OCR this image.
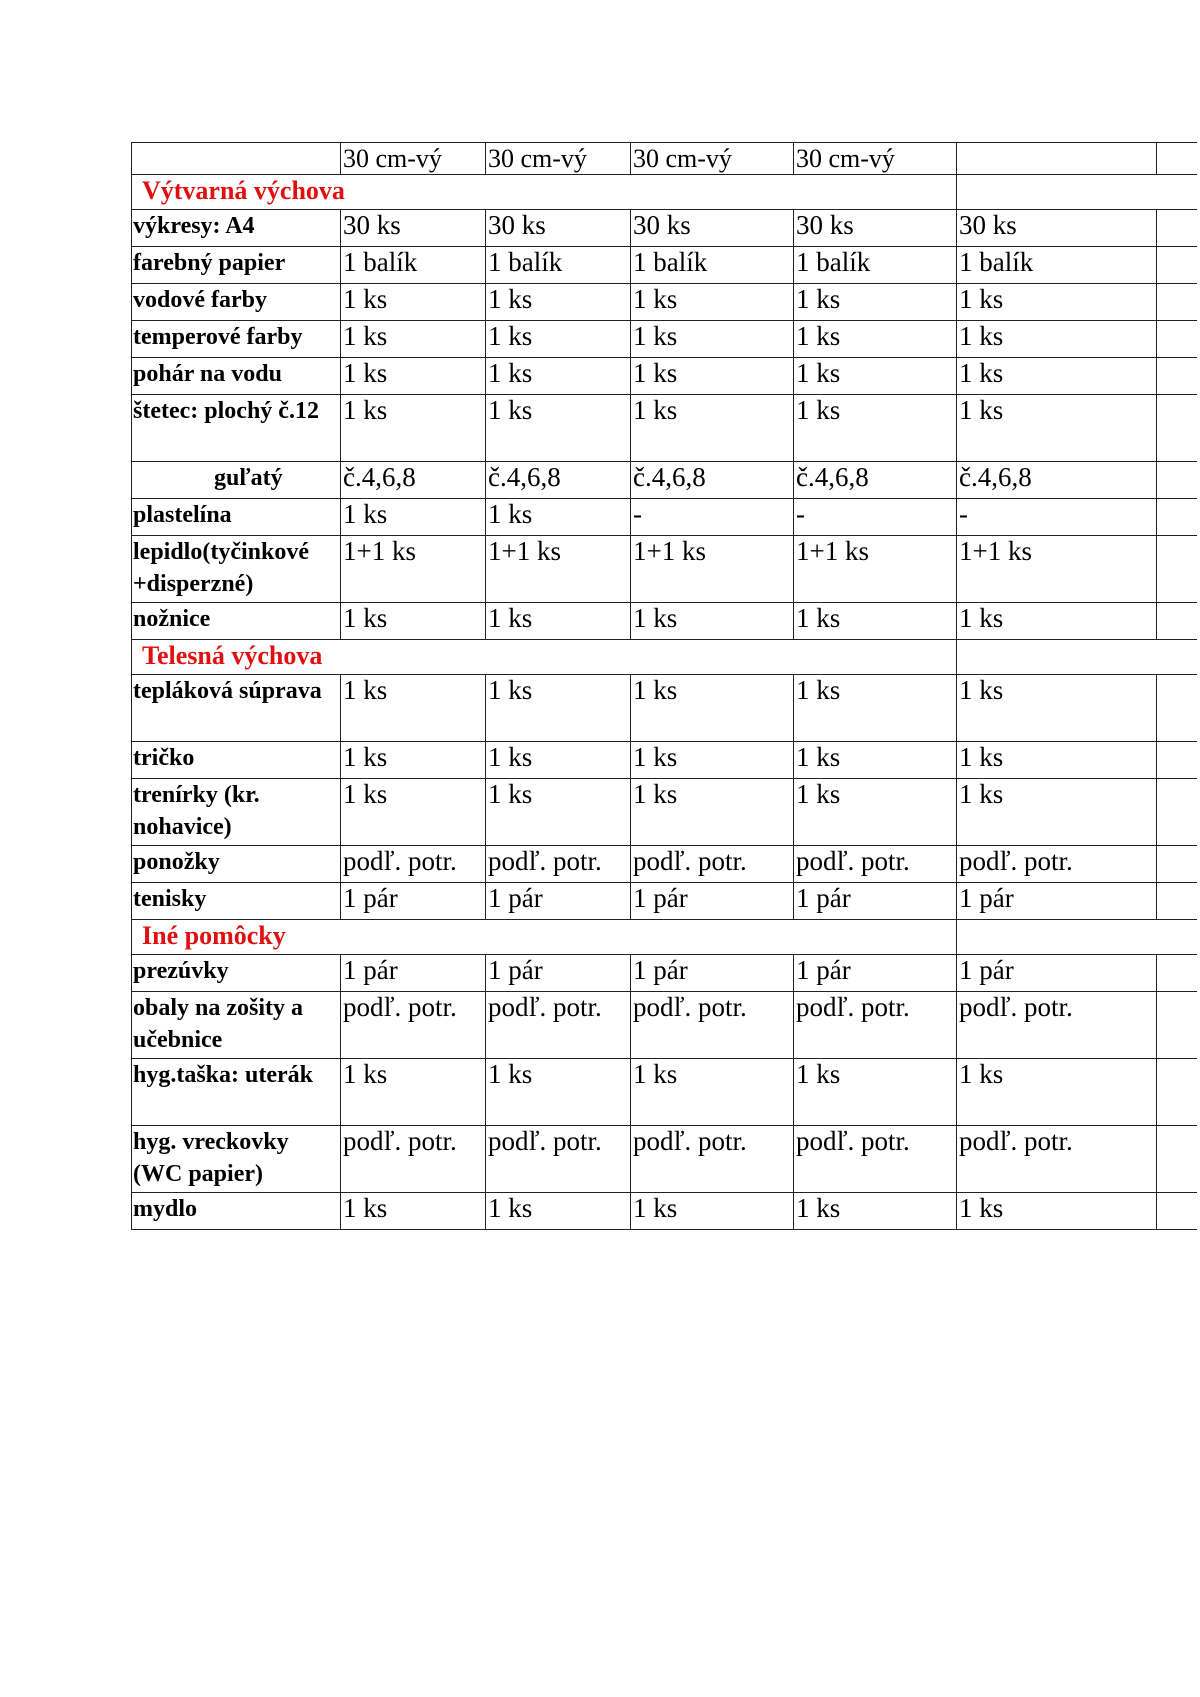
	30 cm-vý	30 cm-vý	30 cm-vý	30 cm-vý		
Výtvarná výchova						
výkresy: A4	30 ks	30 ks	30 ks	30 ks	30 ks	
farebný papier	1 balík	1 balík	1 balík	1 balík	1 balík	
vodové farby	1 ks	1 ks	1 ks	1 ks	1 ks	
temperové farby	1 ks	1 ks	1 ks	1 ks	1 ks	
pohár na vodu	1 ks	1 ks	1 ks	1 ks	1 ks	
štetec: plochý č.12	1 ks	1 ks	1 ks	1 ks	1 ks	
guľatý	č.4,6,8	č.4,6,8	č.4,6,8	č.4,6,8	č.4,6,8	
plastelína	1 ks	1 ks	-	-	-	
lepidlo(tyčinkové +disperzné)	1+1 ks	1+1 ks	1+1 ks	1+1 ks	1+1 ks	
nožnice	1 ks	1 ks	1 ks	1 ks	1 ks	
Telesná výchova						
tepláková súprava	1 ks	1 ks	1 ks	1 ks	1 ks	
tričko	1 ks	1 ks	1 ks	1 ks	1 ks	
trenírky (kr. nohavice)	1 ks	1 ks	1 ks	1 ks	1 ks	
ponožky	podľ. potr.	podľ. potr.	podľ. potr.	podľ. potr.	podľ. potr.	
tenisky	1 pár	1 pár	1 pár	1 pár	1 pár	
Iné pomôcky						
prezúvky	1 pár	1 pár	1 pár	1 pár	1 pár	
obaly na zošity a učebnice	podľ. potr.	podľ. potr.	podľ. potr.	podľ. potr.	podľ. potr.	
hyg.taška: uterák	1 ks	1 ks	1 ks	1 ks	1 ks	
hyg. vreckovky (WC papier)	podľ. potr.	podľ. potr.	podľ. potr.	podľ. potr.	podľ. potr.	
mydlo	1 ks	1 ks	1 ks	1 ks	1 ks	
